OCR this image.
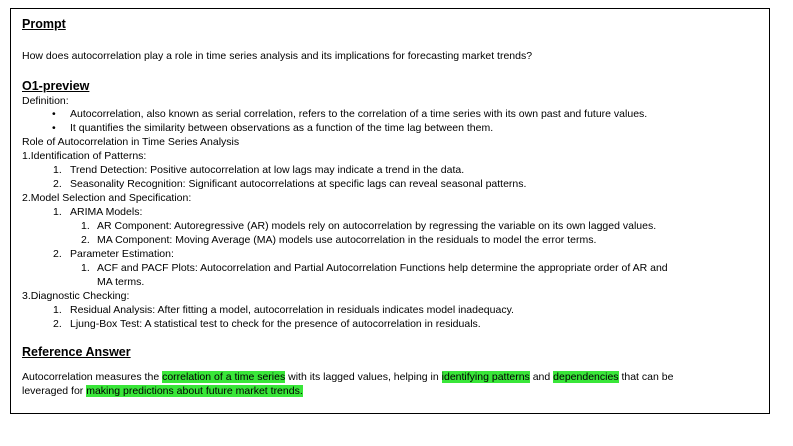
Prompt
How does autocorrelation play a role in time series analysis and its implications for forecasting market trends?
O1-preview
Definition:
• Autocorrelation, also known as serial correlation, refers to the correlation of a time series with its own past and future values.
• It quantifies the similarity between observations as a function of the time lag between them.
Role of Autocorrelation in Time Series Analysis
1.Identification of Patterns:
1. Trend Detection: Positive autocorrelation at low lags may indicate a trend in the data.
2. Seasonality Recognition: Significant autocorrelations at specific lags can reveal seasonal patterns.
2.Model Selection and Specification:
1. ARIMA Models:
1. AR Component: Autoregressive (AR) models rely on autocorrelation by regressing the variable on its own lagged values.
2. MA Component: Moving Average (MA) models use autocorrelation in the residuals to model the error terms.
2. Parameter Estimation:
1. ACF and PACF Plots: Autocorrelation and Partial Autocorrelation Functions help determine the appropriate order of AR and
MA terms.
3.Diagnostic Checking:
1. Residual Analysis: After fitting a model, autocorrelation in residuals indicates model inadequacy.
2. Ljung-Box Test: A statistical test to check for the presence of autocorrelation in residuals.
Reference Answer
Autocorrelation measures the correlation of a time series with its lagged values, helping in identifying patterns and dependencies that can be
leveraged for making predictions about future market trends.
